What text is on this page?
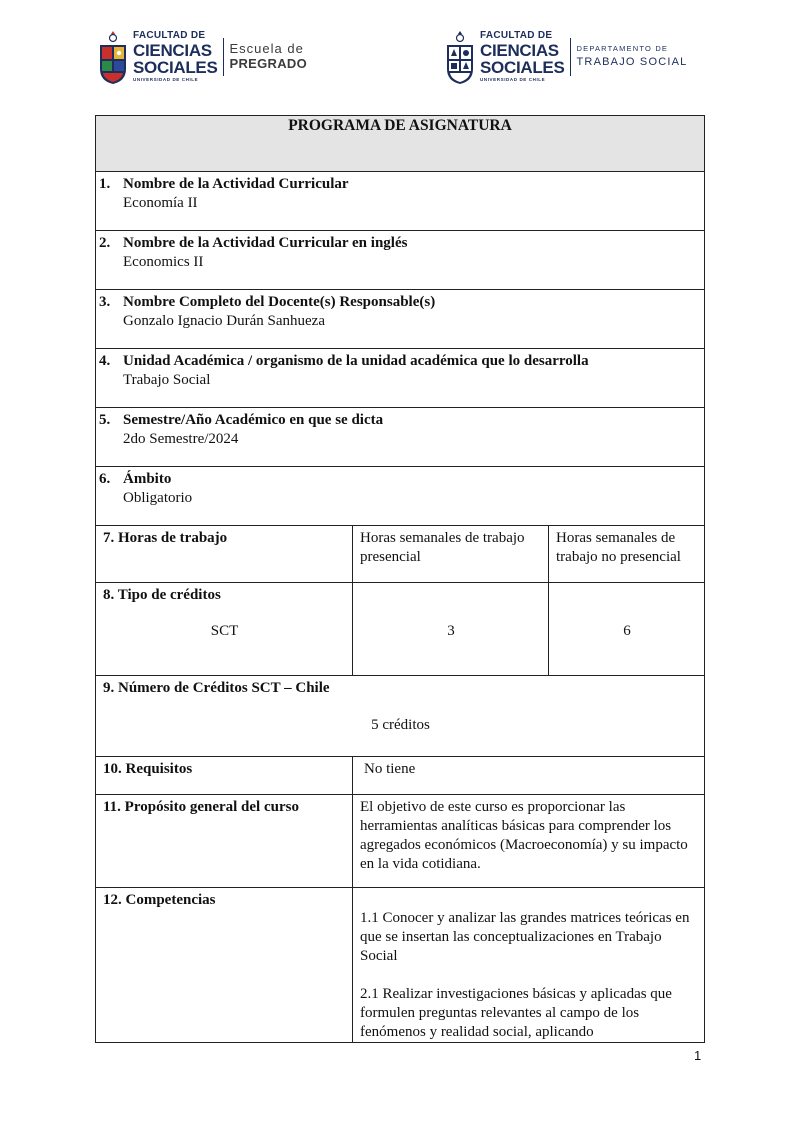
FACULTAD DE
CIENCIAS
SOCIALES
UNIVERSIDAD DE CHILE
Escuela de
PREGRADO
FACULTAD DE
CIENCIAS
SOCIALES
UNIVERSIDAD DE CHILE
DEPARTAMENTO DE
TRABAJO SOCIAL
PROGRAMA DE ASIGNATURA		

1. Nombre de la Actividad Curricular
Economía II		

2. Nombre de la Actividad Curricular en inglés
Economics II		

3. Nombre Completo del Docente(s) Responsable(s)
Gonzalo Ignacio Durán Sanhueza		

4. Unidad Académica / organismo de la unidad académica que lo desarrolla
Trabajo Social		

5. Semestre/Año Académico en que se dicta
2do Semestre/2024		

6. Ámbito
Obligatorio		

7. Horas de trabajo	Horas semanales de trabajo presencial	Horas semanales de trabajo no presencial

8. Tipo de créditos
SCT	3	6

9. Número de Créditos SCT – Chile
5 créditos		

10. Requisitos	No tiene	
11. Propósito general del curso	El objetivo de este curso es proporcionar las herramientas analíticas básicas para comprender los agregados económicos (Macroeconomía) y su impacto en la vida cotidiana.	
12. Competencias	1.1 Conocer y analizar las grandes matrices teóricas en que se insertan las conceptualizaciones en Trabajo Social
2.1 Realizar investigaciones básicas y aplicadas que formulen preguntas relevantes al campo de los fenómenos y realidad social, aplicando	
1
